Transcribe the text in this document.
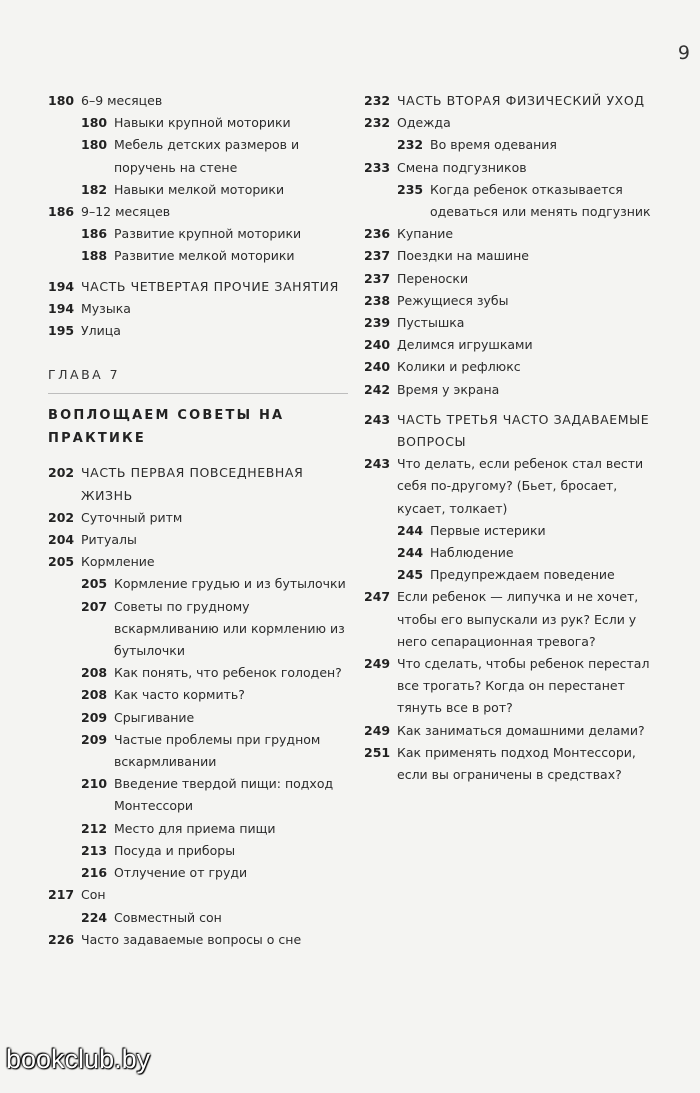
9
180 6–9 месяцев
180 Навыки крупной моторики
180 Мебель детских размеров и поручень на стене
182 Навыки мелкой моторики
186 9–12 месяцев
186 Развитие крупной моторики
188 Развитие мелкой моторики
194 ЧАСТЬ ЧЕТВЕРТАЯ ПРОЧИЕ ЗАНЯТИЯ
194 Музыка
195 Улица
ГЛАВА 7
ВОПЛОЩАЕМ СОВЕТЫ НА ПРАКТИКЕ
202 ЧАСТЬ ПЕРВАЯ ПОВСЕДНЕВНАЯ ЖИЗНЬ
202 Суточный ритм
204 Ритуалы
205 Кормление
205 Кормление грудью и из бутылочки
207 Советы по грудному вскармливанию или кормлению из бутылочки
208 Как понять, что ребенок голоден?
208 Как часто кормить?
209 Срыгивание
209 Частые проблемы при грудном вскармливании
210 Введение твердой пищи: подход Монтессори
212 Место для приема пищи
213 Посуда и приборы
216 Отлучение от груди
217 Сон
224 Совместный сон
226 Часто задаваемые вопросы о сне
232 ЧАСТЬ ВТОРАЯ ФИЗИЧЕСКИЙ УХОД
232 Одежда
232 Во время одевания
233 Смена подгузников
235 Когда ребенок отказывается одеваться или менять подгузник
236 Купание
237 Поездки на машине
237 Переноски
238 Режущиеся зубы
239 Пустышка
240 Делимся игрушками
240 Колики и рефлюкс
242 Время у экрана
243 ЧАСТЬ ТРЕТЬЯ ЧАСТО ЗАДАВАЕМЫЕ ВОПРОСЫ
243 Что делать, если ребенок стал вести себя по-другому? (Бьет, бросает, кусает, толкает)
244 Первые истерики
244 Наблюдение
245 Предупреждаем поведение
247 Если ребенок — липучка и не хочет, чтобы его выпускали из рук? Если у него сепарационная тревога?
249 Что сделать, чтобы ребенок перестал все трогать? Когда он перестанет тянуть все в рот?
249 Как заниматься домашними делами?
251 Как применять подход Монтессори, если вы ограничены в средствах?
bookclub.by
